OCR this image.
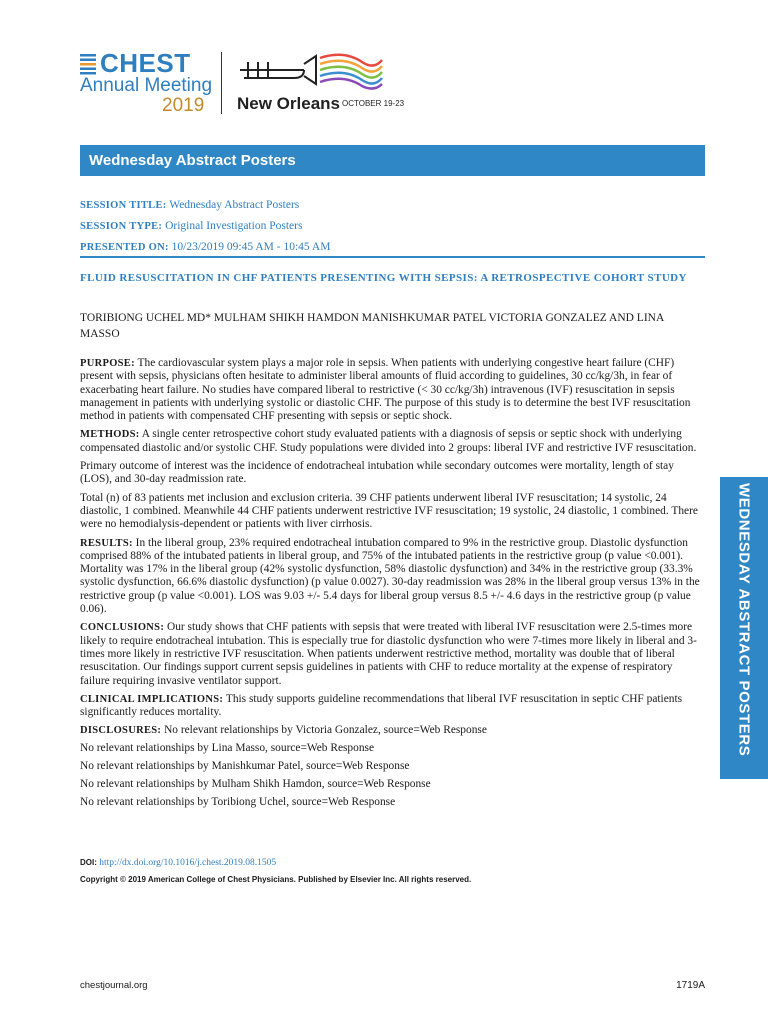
CHEST
Annual Meeting
2019 New Orleans OCTOBER 19-23
Wednesday Abstract Posters
SESSION TITLE: Wednesday Abstract Posters
SESSION TYPE: Original Investigation Posters
PRESENTED ON: 10/23/2019 09:45 AM - 10:45 AM
FLUID RESUSCITATION IN CHF PATIENTS PRESENTING WITH SEPSIS: A RETROSPECTIVE COHORT STUDY
TORIBIONG UCHEL MD* MULHAM SHIKH HAMDON MANISHKUMAR PATEL VICTORIA GONZALEZ AND LINA MASSO

PURPOSE: The cardiovascular system plays a major role in sepsis. When patients with underlying congestive heart failure (CHF) present with sepsis, physicians often hesitate to administer liberal amounts of fluid according to guidelines, 30 cc/kg/3h, in fear of exacerbating heart failure. No studies have compared liberal to restrictive (< 30 cc/kg/3h) intravenous (IVF) resuscitation in sepsis management in patients with underlying systolic or diastolic CHF. The purpose of this study is to determine the best IVF resuscitation method in patients with compensated CHF presenting with sepsis or septic shock.

METHODS: A single center retrospective cohort study evaluated patients with a diagnosis of sepsis or septic shock with underlying compensated diastolic and/or systolic CHF. Study populations were divided into 2 groups: liberal IVF and restrictive IVF resuscitation.

Primary outcome of interest was the incidence of endotracheal intubation while secondary outcomes were mortality, length of stay (LOS), and 30-day readmission rate.

Total (n) of 83 patients met inclusion and exclusion criteria. 39 CHF patients underwent liberal IVF resuscitation; 14 systolic, 24 diastolic, 1 combined. Meanwhile 44 CHF patients underwent restrictive IVF resuscitation; 19 systolic, 24 diastolic, 1 combined. There were no hemodialysis-dependent or patients with liver cirrhosis.

RESULTS: In the liberal group, 23% required endotracheal intubation compared to 9% in the restrictive group. Diastolic dysfunction comprised 88% of the intubated patients in liberal group, and 75% of the intubated patients in the restrictive group (p value <0.001). Mortality was 17% in the liberal group (42% systolic dysfunction, 58% diastolic dysfunction) and 34% in the restrictive group (33.3% systolic dysfunction, 66.6% diastolic dysfunction) (p value 0.0027). 30-day readmission was 28% in the liberal group versus 13% in the restrictive group (p value <0.001). LOS was 9.03 +/- 5.4 days for liberal group versus 8.5 +/- 4.6 days in the restrictive group (p value 0.06).

CONCLUSIONS: Our study shows that CHF patients with sepsis that were treated with liberal IVF resuscitation were 2.5-times more likely to require endotracheal intubation. This is especially true for diastolic dysfunction who were 7-times more likely in liberal and 3-times more likely in restrictive IVF resuscitation. When patients underwent restrictive method, mortality was double that of liberal resuscitation. Our findings support current sepsis guidelines in patients with CHF to reduce mortality at the expense of respiratory failure requiring invasive ventilator support.

CLINICAL IMPLICATIONS: This study supports guideline recommendations that liberal IVF resuscitation in septic CHF patients significantly reduces mortality.

DISCLOSURES: No relevant relationships by Victoria Gonzalez, source=Web Response

No relevant relationships by Lina Masso, source=Web Response

No relevant relationships by Manishkumar Patel, source=Web Response

No relevant relationships by Mulham Shikh Hamdon, source=Web Response

No relevant relationships by Toribiong Uchel, source=Web Response

DOI: http://dx.doi.org/10.1016/j.chest.2019.08.1505
Copyright © 2019 American College of Chest Physicians. Published by Elsevier Inc. All rights reserved.
WEDNESDAY ABSTRACT POSTERS
chestjournal.org	1719A
